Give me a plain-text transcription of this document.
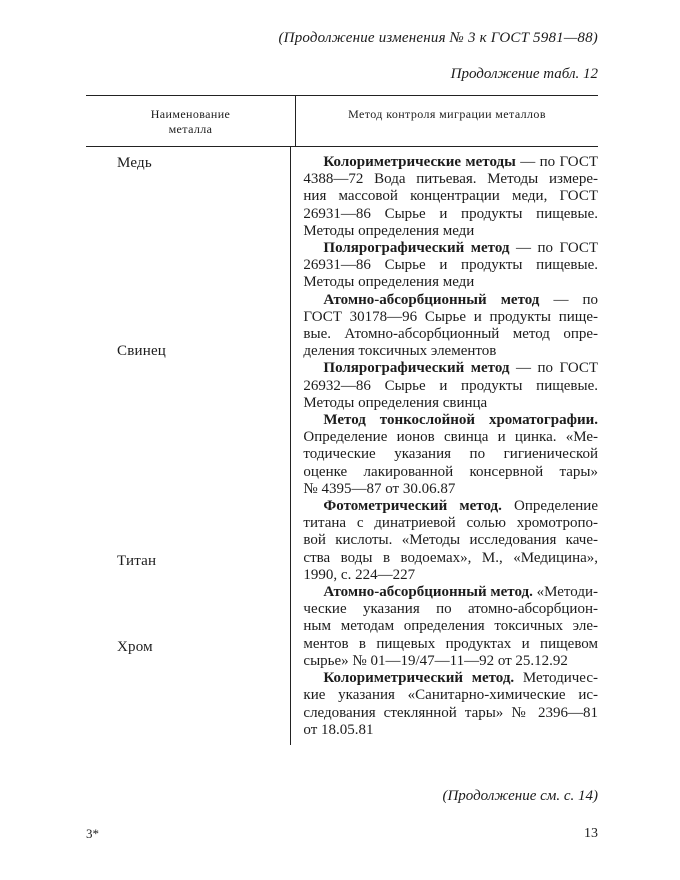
(Продолжение изменения № 3 к ГОСТ 5981—88)
Продолжение табл. 12
Наименование
металла
Метод контроля миграции металлов
Медь
Свинец
Титан
Хром
Колориметрические методы — по ГОСТ
4388—72 Вода питьевая. Методы измере-
ния массовой концентрации меди, ГОСТ
26931—86 Сырье и продукты пищевые.
Методы определения меди
Полярографический метод — по ГОСТ
26931—86 Сырье и продукты пищевые.
Методы определения меди
Атомно-абсорбционный метод — по
ГОСТ 30178—96 Сырье и продукты пище-
вые. Атомно-абсорбционный метод опре-
деления токсичных элементов
Полярографический метод — по ГОСТ
26932—86 Сырье и продукты пищевые.
Методы определения свинца
Метод тонкослойной хроматографии.
Определение ионов свинца и цинка. «Ме-
тодические указания по гигиенической
оценке лакированной консервной тары»
№ 4395—87 от 30.06.87
Фотометрический метод. Определение
титана с динатриевой солью хромотропо-
вой кислоты. «Методы исследования каче-
ства воды в водоемах», М., «Медицина»,
1990, с. 224—227
Атомно-абсорбционный метод. «Методи-
ческие указания по атомно-абсорбцион-
ным методам определения токсичных эле-
ментов в пищевых продуктах и пищевом
сырье» № 01—19/47—11—92 от 25.12.92
Колориметрический метод. Методичес-
кие указания «Санитарно-химические ис-
следования стеклянной тары» № 2396—81
от 18.05.81
(Продолжение см. с. 14)
3*	13
